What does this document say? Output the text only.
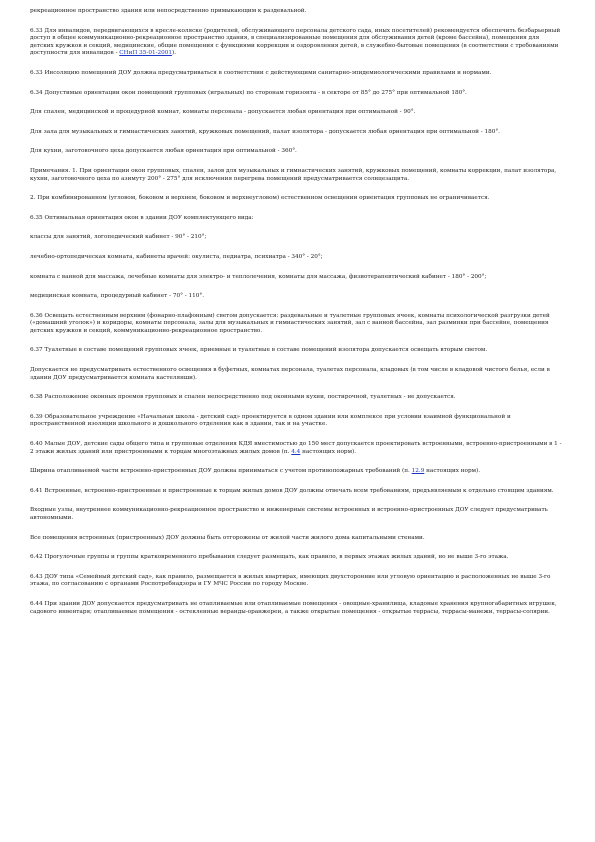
рекреационное пространство здания или непосредственно примыкающим к раздевальной.

6.33 Для инвалидов, передвигающихся в кресле-коляске (родителей, обслуживающего персонала детского сада, иных посетителей) рекомендуется обеспечить безбарьерный доступ в общее коммуникационно-рекреационное пространство здания, в специализированные помещения для обслуживания детей (кроме бассейна), помещения для детских кружков и секций, медицинские, общие помещения с функциями коррекции и оздоровления детей, в служебно-бытовые помещения (в соответствии с требованиями доступности для инвалидов - СНиП 35-01-2001).

6.33 Инсоляцию помещений ДОУ должна предусматриваться в соответствии с действующими санитарно-эпидемиологическими правилами и нормами.

6.34 Допустимые ориентации окон помещений групповых (игральных) по сторонам горизонта - в секторе от 85° до 275° при оптимальной 180°.

Для спален, медицинской и процедурной комнат, комнаты персонала - допускается любая ориентация при оптимальной - 90°.

Для зала для музыкальных и гимнастических занятий, кружковых помещений, палат изолятора - допускается любая ориентация при оптимальной - 180°.

Для кухни, заготовочного цеха допускается любая ориентация при оптимальной - 360°.

Примечания. 1. При ориентации окон групповых, спален, залов для музыкальных и гимнастических занятий, кружковых помещений, комнаты коррекции, палат изолятора, кухни, заготовочного цеха по азимуту 200° - 275° для исключения перегрева помещений предусматривается солнцезащита.

2. При комбинированном (угловом, боковом и верхнем, боковом и верхнеугловом) естественном освещении ориентация групповых не ограничивается.

6.35 Оптимальная ориентация окон в здании ДОУ комплектующего вида:

классы для занятий, логопедический кабинет - 90° - 210°;

лечебно-ортопедическая комната, кабинеты врачей: окулиста, педиатра, психиатра - 340° - 20°;

комната с ванной для массажа, лечебные комнаты для электро- и теплолечения, комнаты для массажа, физиотерапевтический кабинет - 180° - 200°;

медицинская комната, процедурный кабинет - 70° - 110°.

6.36 Освещать естественным верхним (фонарно-плафонным) светом допускается: раздевальные и туалетные групповых ячеек, комнаты психологической разгрузки детей («домашний уголок») и коридоры, комнаты персонала, залы для музыкальных и гимнастических занятий, зал с ванной бассейна, зал разминки при бассейне, помещения детских кружков и секций, коммуникационно-рекреационное пространство.

6.37 Туалетные в составе помещений групповых ячеек, приемные и туалетные в составе помещений изолятора допускается освещать вторым светом.

Допускается не предусматривать естественного освещения в буфетных, комнатах персонала, туалетах персонала, кладовых (в том числе в кладовой чистого белья, если в здании ДОУ предусматривается комната кастелянши).

6.38 Расположение оконных проемов групповых и спален непосредственно под оконными кухни, постирочной, туалетных - не допускается.

6.39 Образовательное учреждение «Начальная школа - детский сад» проектируется в одном здании или комплексе при условии взаимной функциональной и пространственной изоляции школьного и дошкольного отделения как в здании, так и на участке.

6.40 Малые ДОУ, детские сады общего типа и групповые отделения КДЯ вместимостью до 150 мест допускается проектировать встроенными, встроенно-пристроенными в 1 - 2 этажи жилых зданий или пристроенными к торцам многоэтажных жилых домов (п. 4.4 настоящих норм).

Ширина отапливаемой части встроенно-пристроенных ДОУ должна приниматься с учетом противопожарных требований (п. 12.9 настоящих норм).

6.41 Встроенные, встроенно-пристроенные и пристроенные к торцам жилых домов ДОУ должны отвечать всем требованиям, предъявляемым к отдельно стоящим зданиям.

Входные узлы, внутреннее коммуникационно-рекреационное пространство и инженерные системы встроенных и встроенно-пристроенных ДОУ следует предусматривать автономными.

Все помещения встроенных (пристроенных) ДОУ должны быть отгорожены от жилой части жилого дома капитальными стенами.

6.42 Прогулочные группы и группы кратковременного пребывания следует размещать, как правило, в первых этажах жилых зданий, но не выше 3-го этажа.

6.43 ДОУ типа «Семейный детский сад», как правило, размещается в жилых квартирах, имеющих двухсторонние или угловую ориентацию и расположенных не выше 3-го этажа, по согласованию с органами Роспотребнадзора и ГУ МЧС России по городу Москве.

6.44 При здании ДОУ допускается предусматривать не отапливаемые или отапливаемые помещения - овощные-хранилища, кладовые хранения крупногабаритных игрушек, садового инвентаря; отапливаемые помещения - остекленные веранды-оранжереи, а также открытые помещения - открытые террасы, террасы-манежи, террасы-солярии.
